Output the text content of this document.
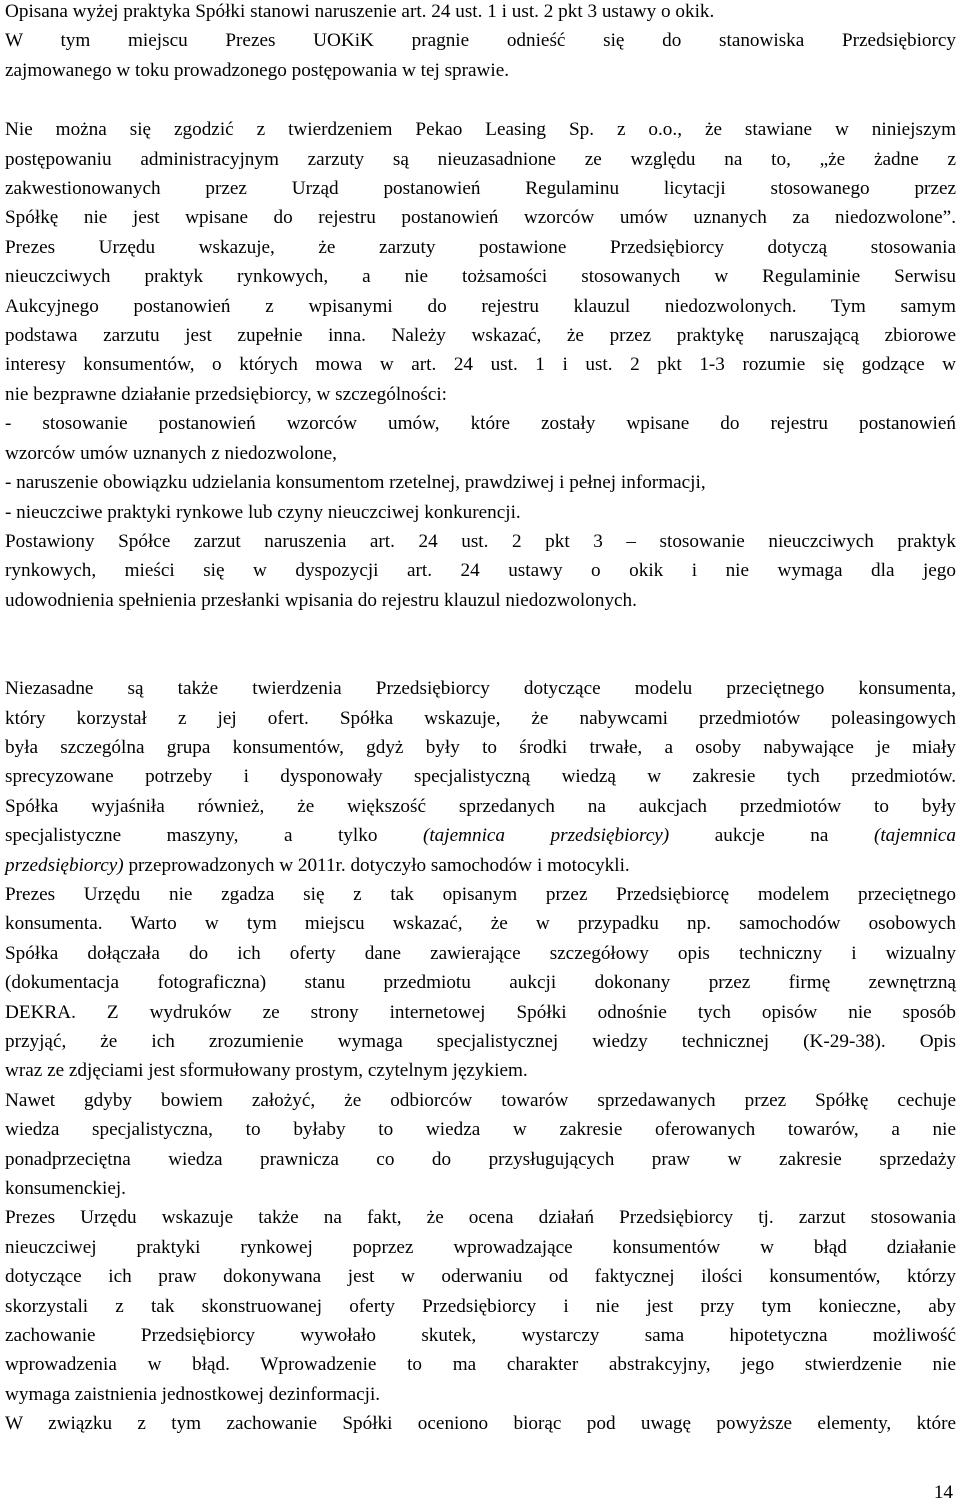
Opisana wyżej praktyka Spółki stanowi naruszenie art. 24 ust. 1 i ust. 2 pkt 3 ustawy o okik.
W tym miejscu Prezes UOKiK pragnie odnieść się do stanowiska Przedsiębiorcy
zajmowanego w toku prowadzonego postępowania w tej sprawie.
Nie można się zgodzić z twierdzeniem Pekao Leasing Sp. z o.o., że stawiane w niniejszym
postępowaniu administracyjnym zarzuty są nieuzasadnione ze względu na to, „że żadne z
zakwestionowanych przez Urząd postanowień Regulaminu licytacji stosowanego przez
Spółkę nie jest wpisane do rejestru postanowień wzorców umów uznanych za niedozwolone”.
Prezes Urzędu wskazuje, że zarzuty postawione Przedsiębiorcy dotyczą stosowania
nieuczciwych praktyk rynkowych, a nie tożsamości stosowanych w Regulaminie Serwisu
Aukcyjnego postanowień z wpisanymi do rejestru klauzul niedozwolonych. Tym samym
podstawa zarzutu jest zupełnie inna. Należy wskazać, że przez praktykę naruszającą zbiorowe
interesy konsumentów, o których mowa w art. 24 ust. 1 i ust. 2 pkt 1-3 rozumie się godzące w
nie bezprawne działanie przedsiębiorcy, w szczególności:
- stosowanie postanowień wzorców umów, które zostały wpisane do rejestru postanowień
wzorców umów uznanych z niedozwolone,
- naruszenie obowiązku udzielania konsumentom rzetelnej, prawdziwej i pełnej informacji,
- nieuczciwe praktyki rynkowe lub czyny nieuczciwej konkurencji.
Postawiony Spółce zarzut naruszenia art. 24 ust. 2 pkt 3 – stosowanie nieuczciwych praktyk
rynkowych, mieści się w dyspozycji art. 24 ustawy o okik i nie wymaga dla jego
udowodnienia spełnienia przesłanki wpisania do rejestru klauzul niedozwolonych.
Niezasadne są także twierdzenia Przedsiębiorcy dotyczące modelu przeciętnego konsumenta,
który korzystał z jej ofert. Spółka wskazuje, że nabywcami przedmiotów poleasingowych
była szczególna grupa konsumentów, gdyż były to środki trwałe, a osoby nabywające je miały
sprecyzowane potrzeby i dysponowały specjalistyczną wiedzą w zakresie tych przedmiotów.
Spółka wyjaśniła również, że większość sprzedanych na aukcjach przedmiotów to były
specjalistyczne maszyny, a tylko (tajemnica przedsiębiorcy) aukcje na (tajemnica
przedsiębiorcy) przeprowadzonych w 2011r. dotyczyło samochodów i motocykli.
Prezes Urzędu nie zgadza się z tak opisanym przez Przedsiębiorcę modelem przeciętnego
konsumenta. Warto w tym miejscu wskazać, że w przypadku np. samochodów osobowych
Spółka dołączała do ich oferty dane zawierające szczegółowy opis techniczny i wizualny
(dokumentacja fotograficzna) stanu przedmiotu aukcji dokonany przez firmę zewnętrzną
DEKRA. Z wydruków ze strony internetowej Spółki odnośnie tych opisów nie sposób
przyjąć, że ich zrozumienie wymaga specjalistycznej wiedzy technicznej (K-29-38). Opis
wraz ze zdjęciami jest sformułowany prostym, czytelnym językiem.
Nawet gdyby bowiem założyć, że odbiorców towarów sprzedawanych przez Spółkę cechuje
wiedza specjalistyczna, to byłaby to wiedza w zakresie oferowanych towarów, a nie
ponadprzeciętna wiedza prawnicza co do przysługujących praw w zakresie sprzedaży
konsumenckiej.
Prezes Urzędu wskazuje także na fakt, że ocena działań Przedsiębiorcy tj. zarzut stosowania
nieuczciwej praktyki rynkowej poprzez wprowadzające konsumentów w błąd działanie
dotyczące ich praw dokonywana jest w oderwaniu od faktycznej ilości konsumentów, którzy
skorzystali z tak skonstruowanej oferty Przedsiębiorcy i nie jest przy tym konieczne, aby
zachowanie Przedsiębiorcy wywołało skutek, wystarczy sama hipotetyczna możliwość
wprowadzenia w błąd. Wprowadzenie to ma charakter abstrakcyjny, jego stwierdzenie nie
wymaga zaistnienia jednostkowej dezinformacji.
W związku z tym zachowanie Spółki oceniono biorąc pod uwagę powyższe elementy, które
14
